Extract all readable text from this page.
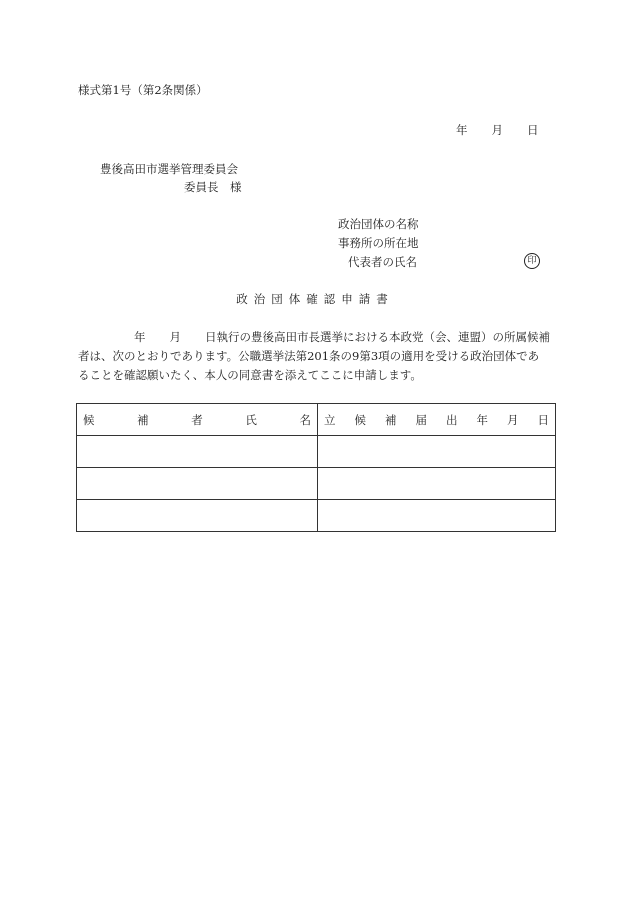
様式第1号（第2条関係）
年 月 日
豊後高田市選挙管理委員会
委員長　様
政治団体の名称
事務所の所在地
代表者の氏名	印
政治団体確認申請書
年 月 日執行の豊後高田市長選挙における本政党（会、連盟）の所属候補
者は、次のとおりであります。公職選挙法第201条の9第3項の適用を受ける政治団体であ
ることを確認願いたく、本人の同意書を添えてここに申請します。
候補者氏名	立候補届出年月日
